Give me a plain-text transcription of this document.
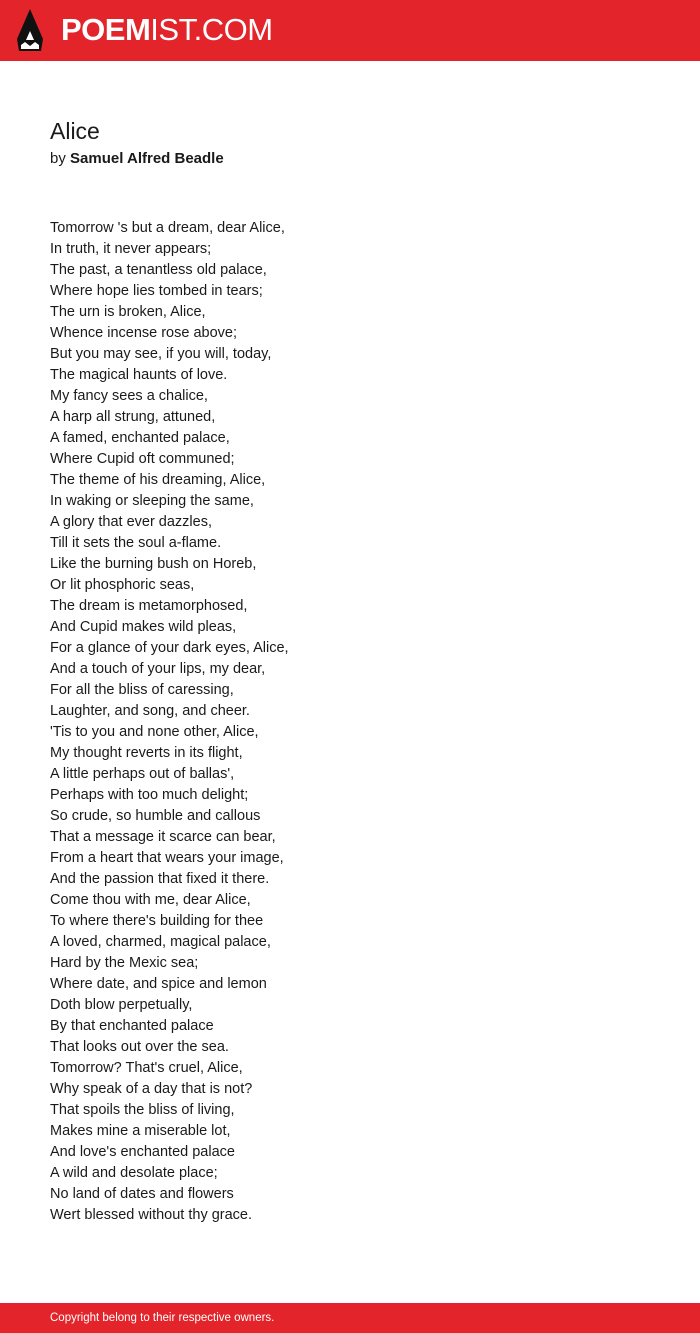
POEMIST.COM
Alice
by Samuel Alfred Beadle
Tomorrow 's but a dream, dear Alice,
In truth, it never appears;
The past, a tenantless old palace,
Where hope lies tombed in tears;
The urn is broken, Alice,
Whence incense rose above;
But you may see, if you will, today,
The magical haunts of love.
My fancy sees a chalice,
A harp all strung, attuned,
A famed, enchanted palace,
Where Cupid oft communed;
The theme of his dreaming, Alice,
In waking or sleeping the same,
A glory that ever dazzles,
Till it sets the soul a-flame.
Like the burning bush on Horeb,
Or lit phosphoric seas,
The dream is metamorphosed,
And Cupid makes wild pleas,
For a glance of your dark eyes, Alice,
And a touch of your lips, my dear,
For all the bliss of caressing,
Laughter, and song, and cheer.
'Tis to you and none other, Alice,
My thought reverts in its flight,
A little perhaps out of ballas',
Perhaps with too much delight;
So crude, so humble and callous
That a message it scarce can bear,
From a heart that wears your image,
And the passion that fixed it there.
Come thou with me, dear Alice,
To where there's building for thee
A loved, charmed, magical palace,
Hard by the Mexic sea;
Where date, and spice and lemon
Doth blow perpetually,
By that enchanted palace
That looks out over the sea.
Tomorrow? That's cruel, Alice,
Why speak of a day that is not?
That spoils the bliss of living,
Makes mine a miserable lot,
And love's enchanted palace
A wild and desolate place;
No land of dates and flowers
Wert blessed without thy grace.
Copyright belong to their respective owners.
